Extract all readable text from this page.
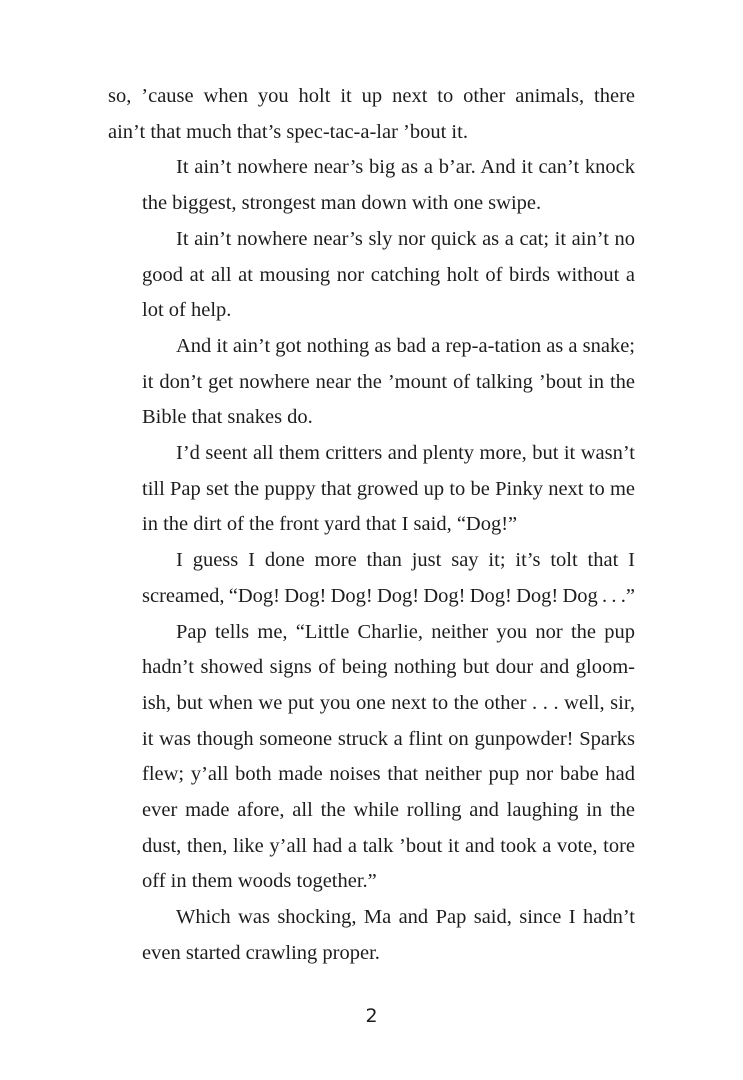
so, ’cause when you holt it up next to other animals, there
ain’t that much that’s spec-tac-a-lar ’bout it.
It ain’t nowhere near’s big as a b’ar. And it can’t knock
the biggest, strongest man down with one swipe.
It ain’t nowhere near’s sly nor quick as a cat; it ain’t no
good at all at mousing nor catching holt of birds without a
lot of help.
And it ain’t got nothing as bad a rep-a-tation as a snake;
it don’t get nowhere near the ’mount of talking ’bout in the
Bible that snakes do.
I’d seent all them critters and plenty more, but it wasn’t
till Pap set the puppy that growed up to be Pinky next to me
in the dirt of the front yard that I said, “Dog!”
I guess I done more than just say it; it’s tolt that I
screamed, “Dog! Dog! Dog! Dog! Dog! Dog! Dog! Dog . . .”
Pap tells me, “Little Charlie, neither you nor the pup
hadn’t showed signs of being nothing but dour and gloom-
ish, but when we put you one next to the other . . . well, sir,
it was though someone struck a flint on gunpowder! Sparks
flew; y’all both made noises that neither pup nor babe had
ever made afore, all the while rolling and laughing in the
dust, then, like y’all had a talk ’bout it and took a vote, tore
off in them woods together.”
Which was shocking, Ma and Pap said, since I hadn’t
even started crawling proper.
2
